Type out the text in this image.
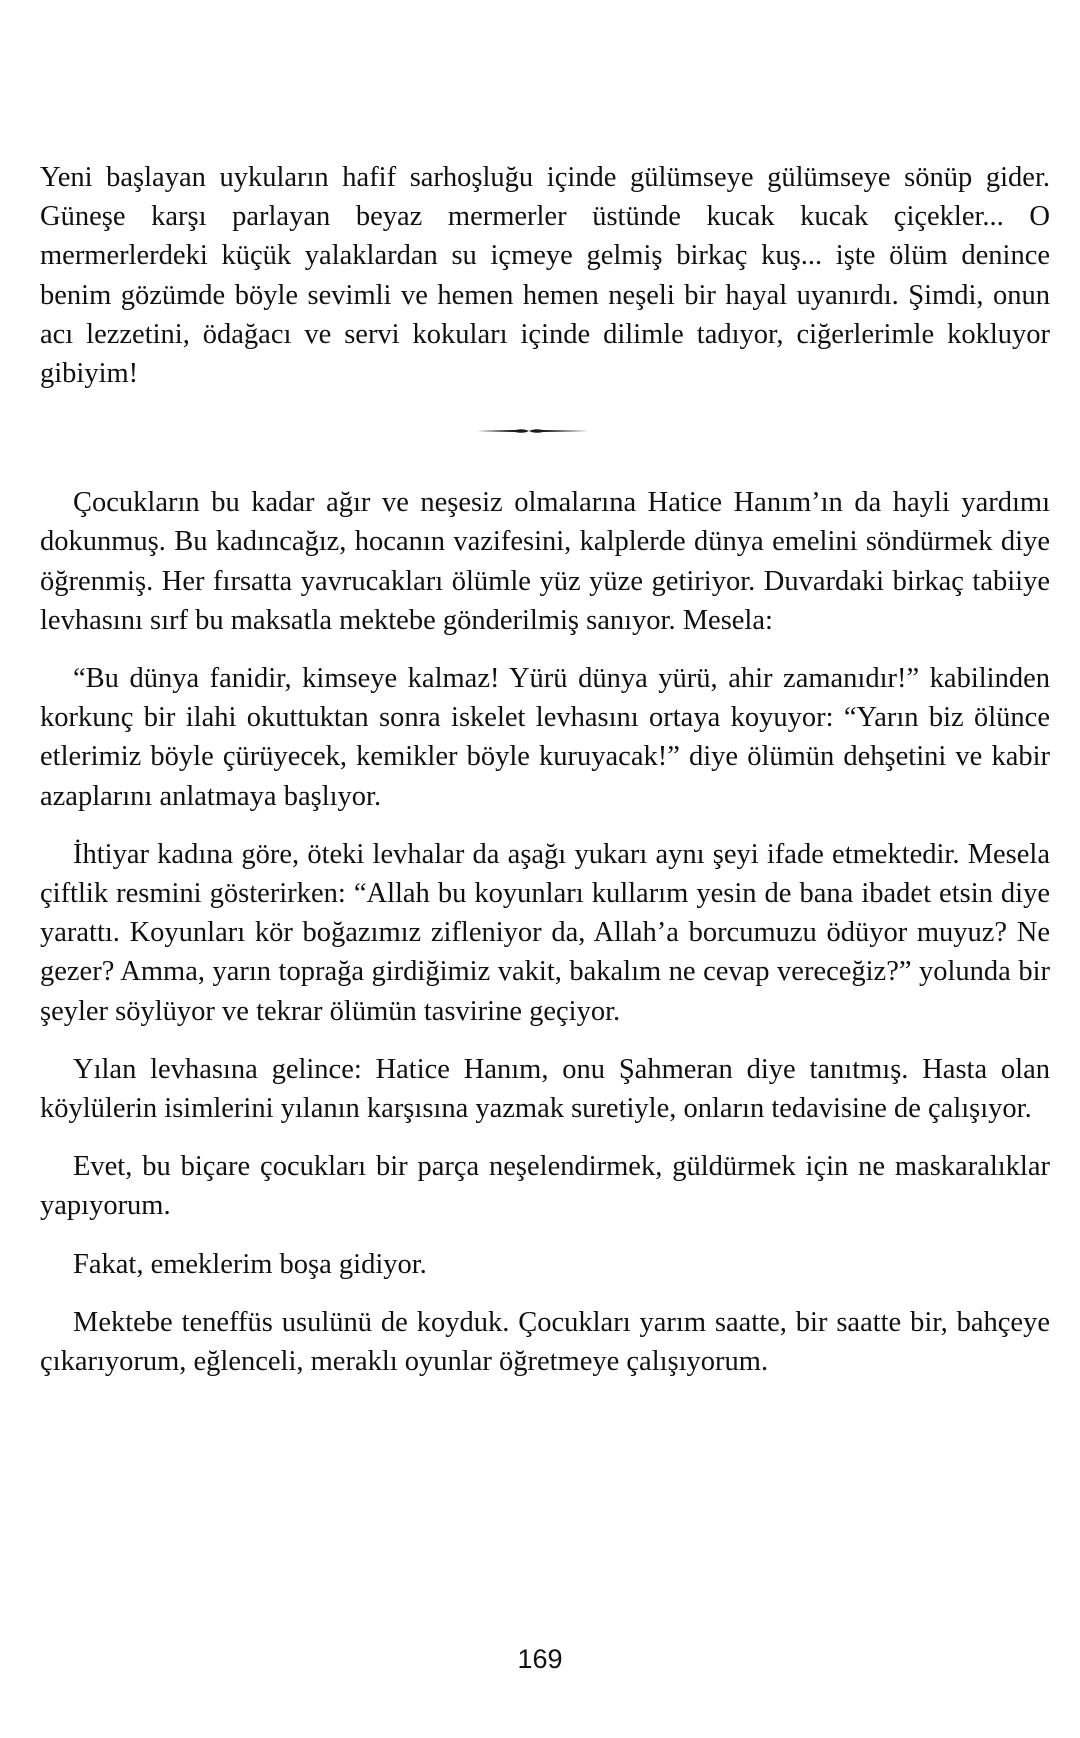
Yeni başlayan uykuların hafif sarhoşluğu içinde gülümseye gülümseye sönüp gider. Güneşe karşı parlayan beyaz mermerler üstünde kucak kucak çiçekler... O mermerlerdeki küçük yalaklardan su içmeye gelmiş birkaç kuş... işte ölüm denince benim gözümde böyle sevimli ve hemen hemen neşeli bir hayal uyanırdı. Şimdi, onun acı lezzetini, ödağacı ve servi kokuları içinde dilimle tadıyor, ciğerlerimle kokluyor gibiyim!

Çocukların bu kadar ağır ve neşesiz olmalarına Hatice Hanım’ın da hayli yardımı dokunmuş. Bu kadıncağız, hocanın vazifesini, kalplerde dünya emelini söndürmek diye öğrenmiş. Her fırsatta yavrucakları ölümle yüz yüze getiriyor. Duvardaki birkaç tabiiye levhasını sırf bu maksatla mektebe gönderilmiş sanıyor. Mesela:

“Bu dünya fanidir, kimseye kalmaz! Yürü dünya yürü, ahir zamanıdır!” kabilinden korkunç bir ilahi okuttuktan sonra iskelet levhasını ortaya koyuyor: “Yarın biz ölünce etlerimiz böyle çürüyecek, kemikler böyle kuruyacak!” diye ölümün dehşetini ve kabir azaplarını anlatmaya başlıyor.

İhtiyar kadına göre, öteki levhalar da aşağı yukarı aynı şeyi ifade etmektedir. Mesela çiftlik resmini gösterirken: “Allah bu koyunları kullarım yesin de bana ibadet etsin diye yarattı. Koyunları kör boğazımız zifleniyor da, Allah’a borcumuzu ödüyor muyuz? Ne gezer? Amma, yarın toprağa girdiğimiz vakit, bakalım ne cevap vereceğiz?” yolunda bir şeyler söylüyor ve tekrar ölümün tasvirine geçiyor.

Yılan levhasına gelince: Hatice Hanım, onu Şahmeran diye tanıtmış. Hasta olan köylülerin isimlerini yılanın karşısına yazmak suretiyle, onların tedavisine de çalışıyor.

Evet, bu biçare çocukları bir parça neşelendirmek, güldürmek için ne maskaralıklar yapıyorum.

Fakat, emeklerim boşa gidiyor.

Mektebe teneffüs usulünü de koyduk. Çocukları yarım saatte, bir saatte bir, bahçeye çıkarıyorum, eğlenceli, meraklı oyunlar öğretmeye çalışıyorum.

169
